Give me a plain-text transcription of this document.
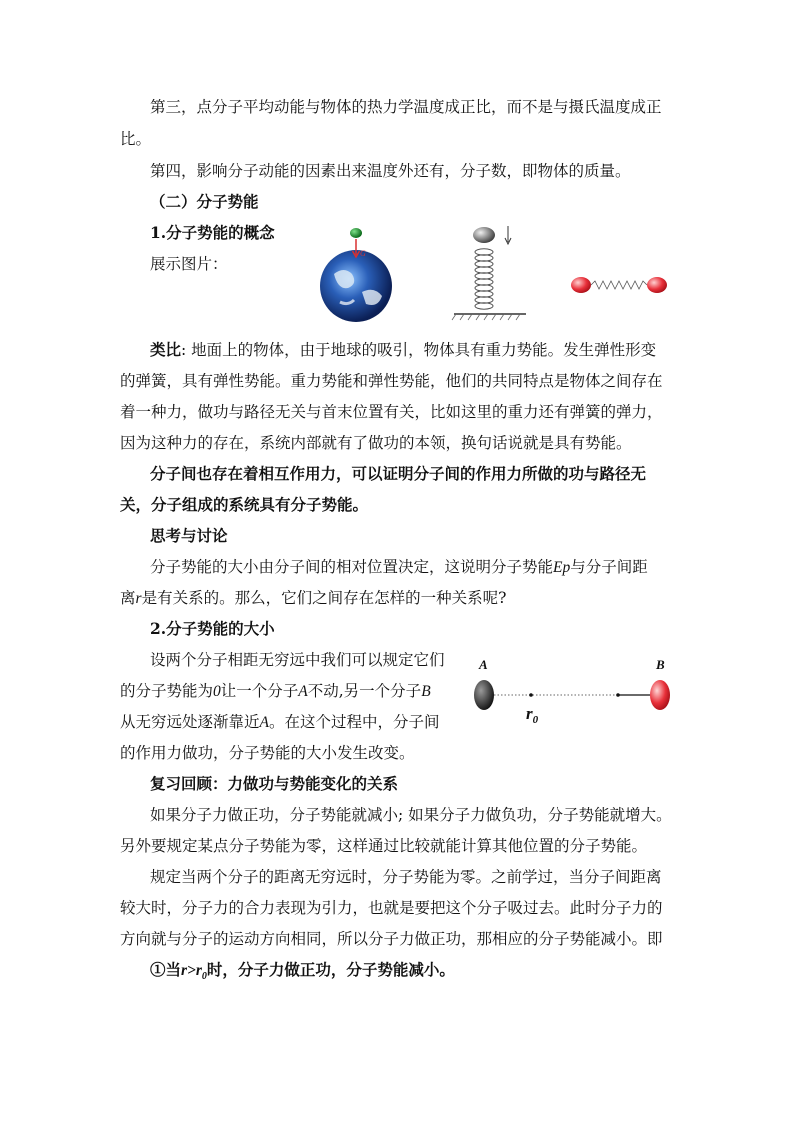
第三，点分子平均动能与物体的热力学温度成正比，而不是与摄氏温度成正
比。
第四，影响分子动能的因素出来温度外还有，分子数，即物体的质量。
（二）分子势能
1.分子势能的概念
展示图片：
G
类比: 地面上的物体，由于地球的吸引，物体具有重力势能。发生弹性形变
的弹簧，具有弹性势能。重力势能和弹性势能，他们的共同特点是物体之间存在
着一种力，做功与路径无关与首末位置有关，比如这里的重力还有弹簧的弹力，
因为这种力的存在，系统内部就有了做功的本领，换句话说就是具有势能。
分子间也存在着相互作用力，可以证明分子间的作用力所做的功与路径无
关，分子组成的系统具有分子势能。
思考与讨论
分子势能的大小由分子间的相对位置决定，这说明分子势能Ep与分子间距
离r是有关系的。那么，它们之间存在怎样的一种关系呢?
2.分子势能的大小
设两个分子相距无穷远中我们可以规定它们
的分子势能为0让一个分子A不动,另一个分子B
从无穷远处逐渐靠近A。在这个过程中，分子间
的作用力做功，分子势能的大小发生改变。
A	B
$r_0$
复习回顾：力做功与势能变化的关系
如果分子力做正功，分子势能就减小; 如果分子力做负功，分子势能就增大。
另外要规定某点分子势能为零，这样通过比较就能计算其他位置的分子势能。
规定当两个分子的距离无穷远时，分子势能为零。之前学过，当分子间距离
较大时，分子力的合力表现为引力，也就是要把这个分子吸过去。此时分子力的
方向就与分子的运动方向相同，所以分子力做正功，那相应的分子势能减小。即
①当$r>r_0$时，分子力做正功，分子势能减小。
